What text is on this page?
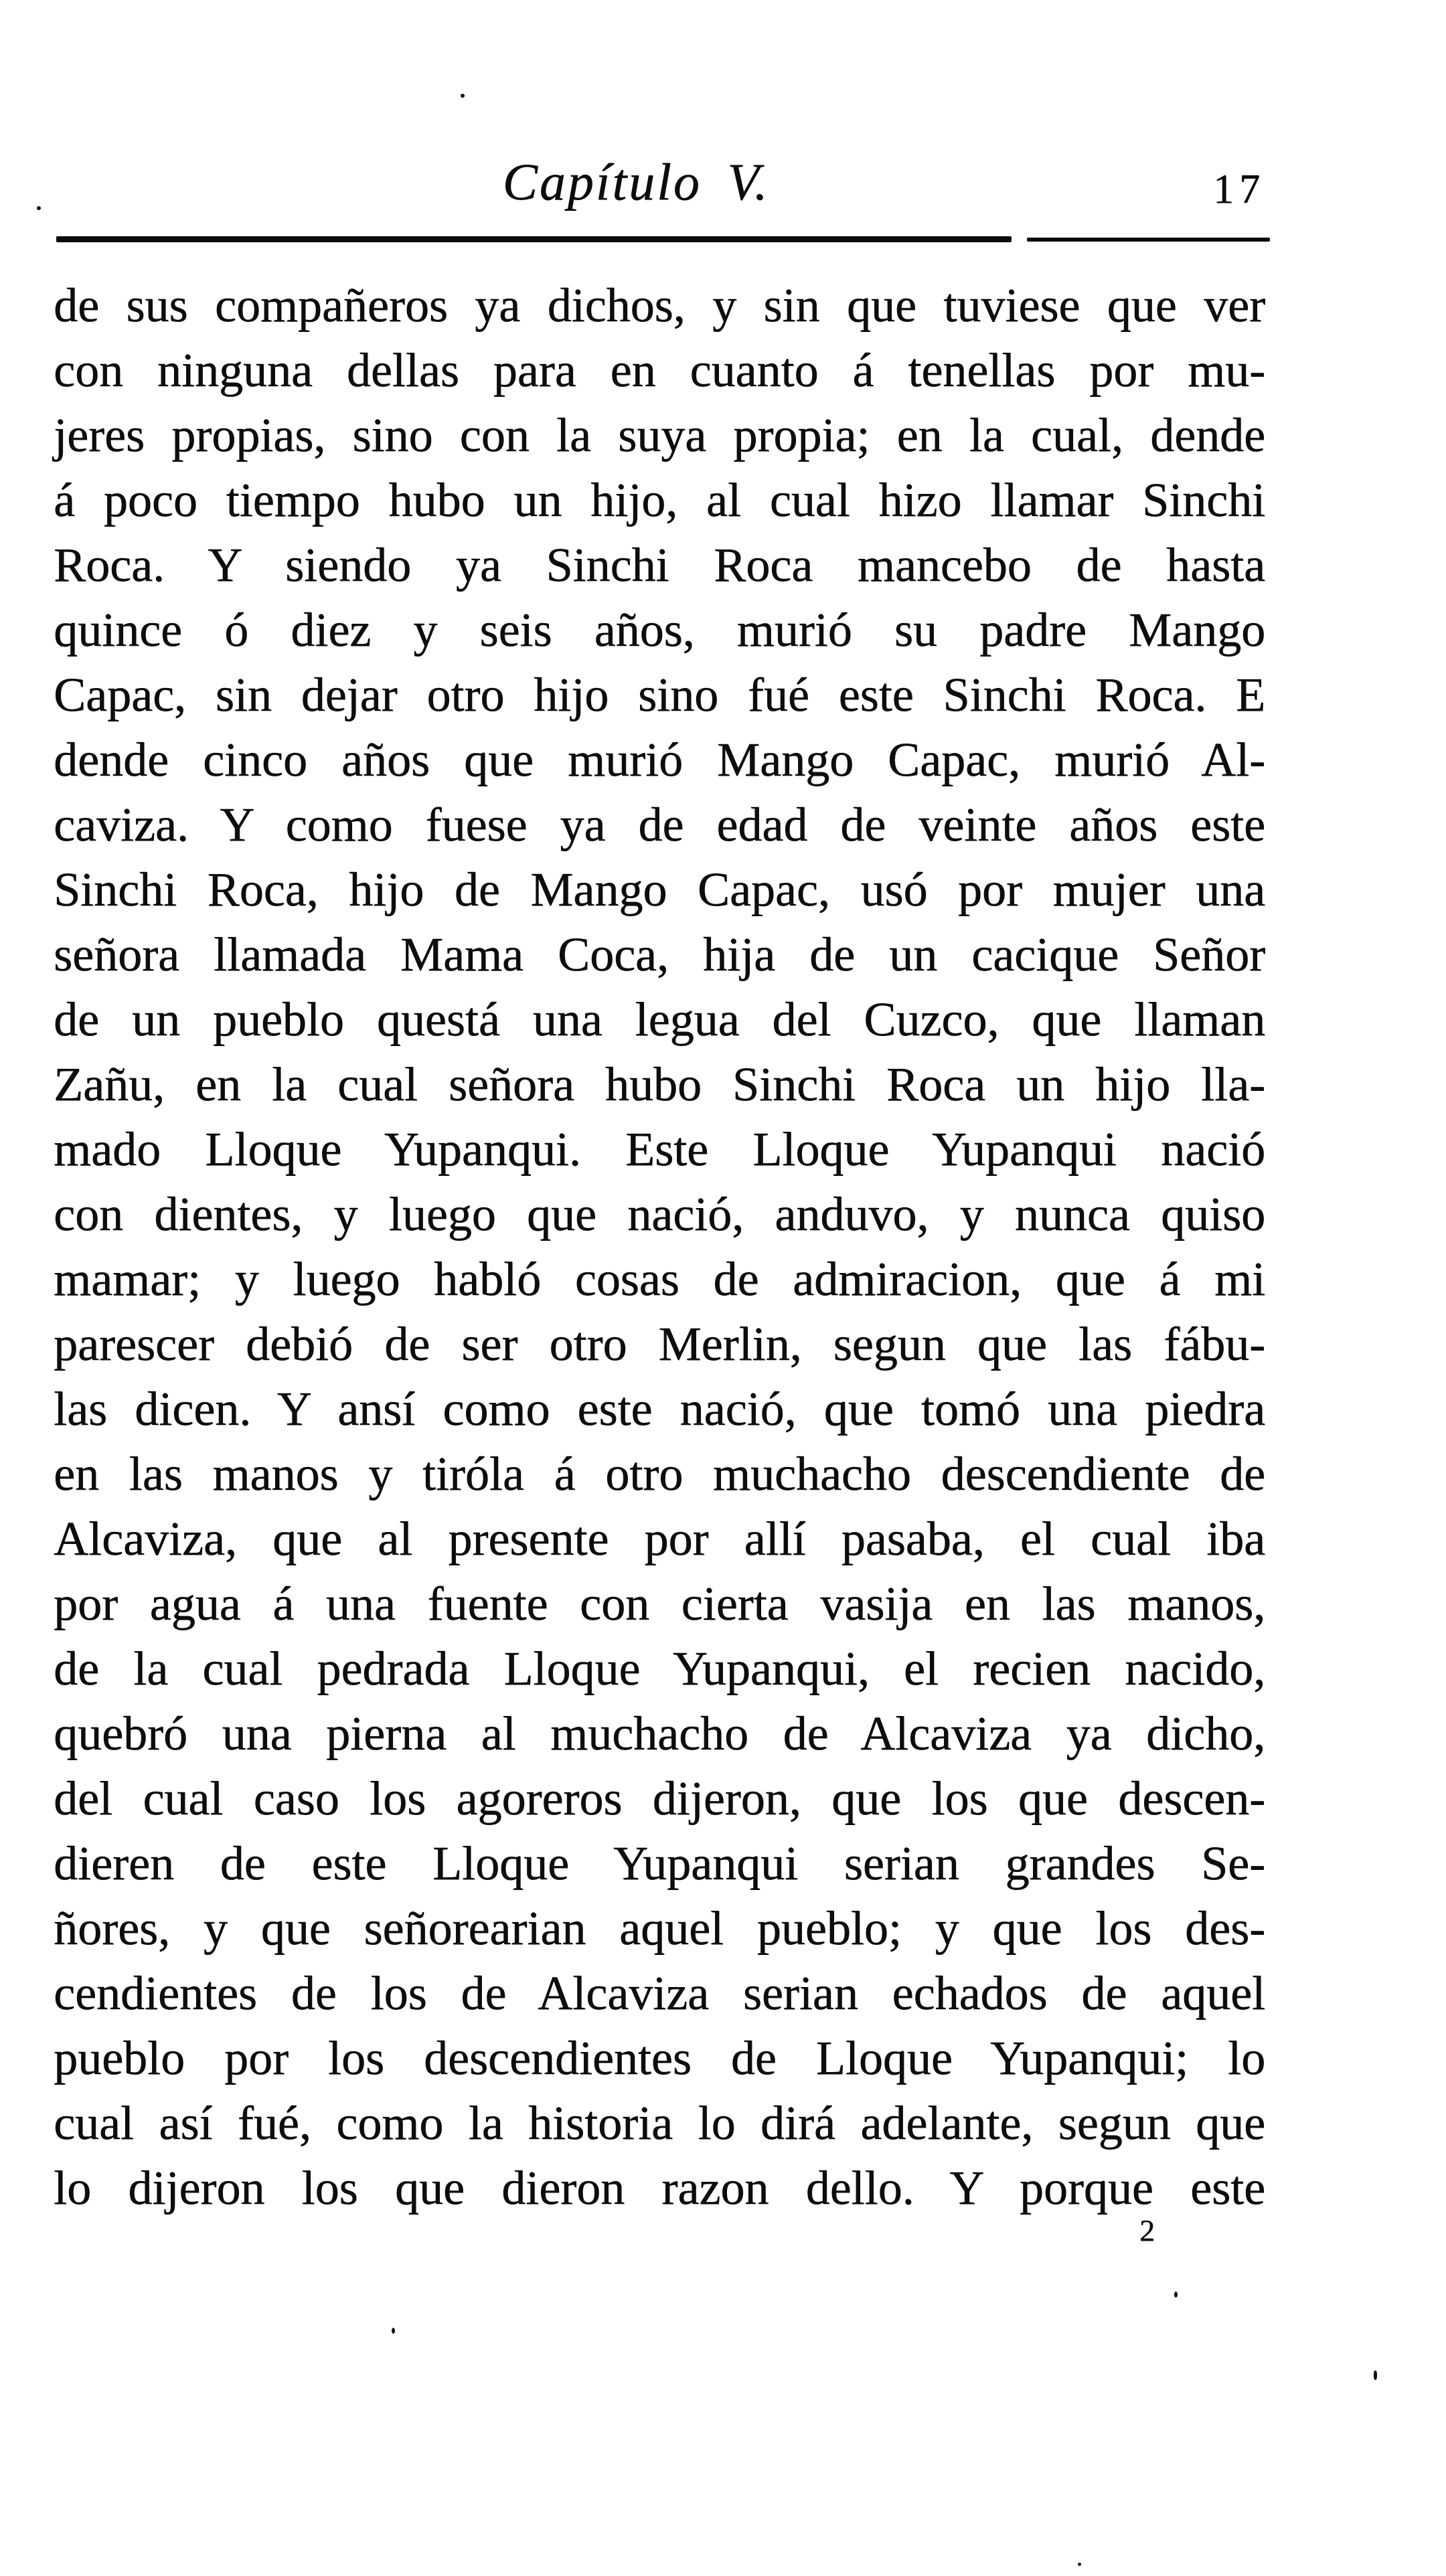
Capítulo V.	17
de sus compañeros ya dichos, y sin que tuviese que ver
con ninguna dellas para en cuanto á tenellas por mu-
jeres propias, sino con la suya propia; en la cual, dende
á poco tiempo hubo un hijo, al cual hizo llamar Sinchi
Roca. Y siendo ya Sinchi Roca mancebo de hasta
quince ó diez y seis años, murió su padre Mango
Capac, sin dejar otro hijo sino fué este Sinchi Roca. E
dende cinco años que murió Mango Capac, murió Al-
caviza. Y como fuese ya de edad de veinte años este
Sinchi Roca, hijo de Mango Capac, usó por mujer una
señora llamada Mama Coca, hija de un cacique Señor
de un pueblo questá una legua del Cuzco, que llaman
Zañu, en la cual señora hubo Sinchi Roca un hijo lla-
mado Lloque Yupanqui. Este Lloque Yupanqui nació
con dientes, y luego que nació, anduvo, y nunca quiso
mamar; y luego habló cosas de admiracion, que á mi
parescer debió de ser otro Merlin, segun que las fábu-
las dicen. Y ansí como este nació, que tomó una piedra
en las manos y tiróla á otro muchacho descendiente de
Alcaviza, que al presente por allí pasaba, el cual iba
por agua á una fuente con cierta vasija en las manos,
de la cual pedrada Lloque Yupanqui, el recien nacido,
quebró una pierna al muchacho de Alcaviza ya dicho,
del cual caso los agoreros dijeron, que los que descen-
dieren de este Lloque Yupanqui serian grandes Se-
ñores, y que señorearian aquel pueblo; y que los des-
cendientes de los de Alcaviza serian echados de aquel
pueblo por los descendientes de Lloque Yupanqui; lo
cual así fué, como la historia lo dirá adelante, segun que
lo dijeron los que dieron razon dello. Y porque este
2
